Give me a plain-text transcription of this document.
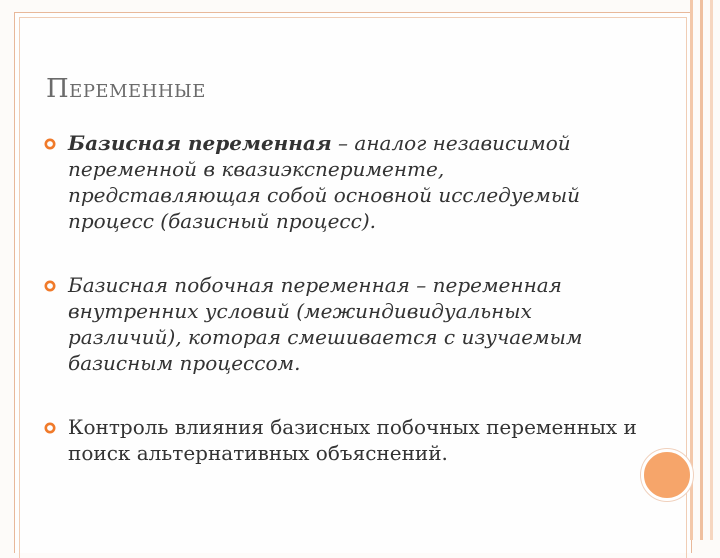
Переменные
Базисная переменная – аналог независимой переменной в квазиэксперименте, представляющая собой основной исследуемый процесс (базисный процесс).
Базисная побочная переменная – переменная внутренних условий (межиндивидуальных различий), которая смешивается с изучаемым базисным процессом.
Контроль влияния базисных побочных переменных и поиск альтернативных объяснений.
